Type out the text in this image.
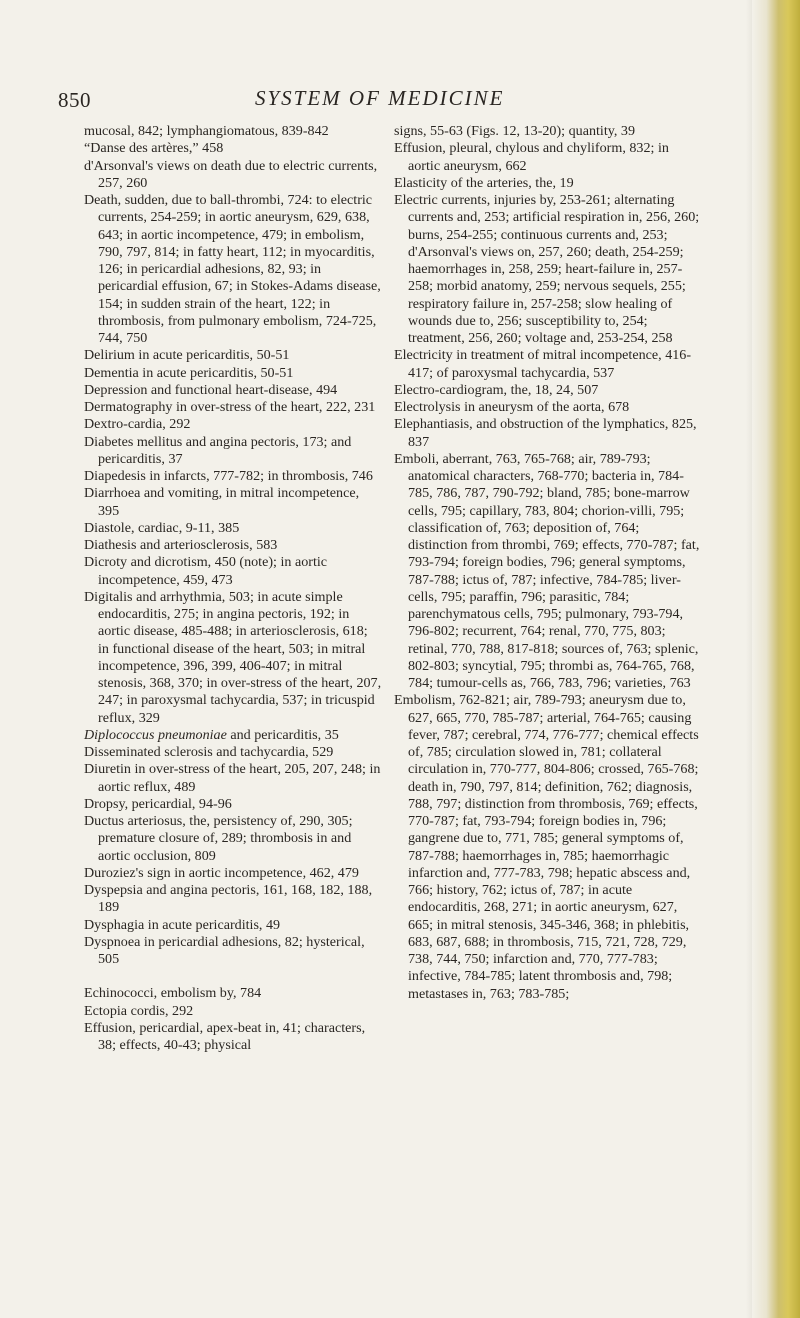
850	SYSTEM OF MEDICINE

mucosal, 842; lymphangiomatous, 839-842

“Danse des artères,” 458

d'Arsonval's views on death due to electric currents, 257, 260

Death, sudden, due to ball-thrombi, 724: to electric currents, 254-259; in aortic aneurysm, 629, 638, 643; in aortic incompetence, 479; in embolism, 790, 797, 814; in fatty heart, 112; in myocarditis, 126; in pericardial adhesions, 82, 93; in pericardial effusion, 67; in Stokes-Adams disease, 154; in sudden strain of the heart, 122; in thrombosis, from pulmonary embolism, 724-725, 744, 750

Delirium in acute pericarditis, 50-51

Dementia in acute pericarditis, 50-51

Depression and functional heart-disease, 494

Dermatography in over-stress of the heart, 222, 231

Dextro-cardia, 292

Diabetes mellitus and angina pectoris, 173; and pericarditis, 37

Diapedesis in infarcts, 777-782; in thrombosis, 746

Diarrhoea and vomiting, in mitral incompetence, 395

Diastole, cardiac, 9-11, 385

Diathesis and arteriosclerosis, 583

Dicroty and dicrotism, 450 (note); in aortic incompetence, 459, 473

Digitalis and arrhythmia, 503; in acute simple endocarditis, 275; in angina pectoris, 192; in aortic disease, 485-488; in arteriosclerosis, 618; in functional disease of the heart, 503; in mitral incompetence, 396, 399, 406-407; in mitral stenosis, 368, 370; in over-stress of the heart, 207, 247; in paroxysmal tachycardia, 537; in tricuspid reflux, 329

Diplococcus pneumoniae and pericarditis, 35

Disseminated sclerosis and tachycardia, 529

Diuretin in over-stress of the heart, 205, 207, 248; in aortic reflux, 489

Dropsy, pericardial, 94-96

Ductus arteriosus, the, persistency of, 290, 305; premature closure of, 289; thrombosis in and aortic occlusion, 809

Duroziez's sign in aortic incompetence, 462, 479

Dyspepsia and angina pectoris, 161, 168, 182, 188, 189

Dysphagia in acute pericarditis, 49

Dyspnoea in pericardial adhesions, 82; hysterical, 505

Echinococci, embolism by, 784

Ectopia cordis, 292

Effusion, pericardial, apex-beat in, 41; characters, 38; effects, 40-43; physical

signs, 55-63 (Figs. 12, 13-20); quantity, 39

Effusion, pleural, chylous and chyliform, 832; in aortic aneurysm, 662

Elasticity of the arteries, the, 19

Electric currents, injuries by, 253-261; alternating currents and, 253; artificial respiration in, 256, 260; burns, 254-255; continuous currents and, 253; d'Arsonval's views on, 257, 260; death, 254-259; haemorrhages in, 258, 259; heart-failure in, 257-258; morbid anatomy, 259; nervous sequels, 255; respiratory failure in, 257-258; slow healing of wounds due to, 256; susceptibility to, 254; treatment, 256, 260; voltage and, 253-254, 258

Electricity in treatment of mitral incompetence, 416-417; of paroxysmal tachycardia, 537

Electro-cardiogram, the, 18, 24, 507

Electrolysis in aneurysm of the aorta, 678

Elephantiasis, and obstruction of the lymphatics, 825, 837

Emboli, aberrant, 763, 765-768; air, 789-793; anatomical characters, 768-770; bacteria in, 784-785, 786, 787, 790-792; bland, 785; bone-marrow cells, 795; capillary, 783, 804; chorion-villi, 795; classification of, 763; deposition of, 764; distinction from thrombi, 769; effects, 770-787; fat, 793-794; foreign bodies, 796; general symptoms, 787-788; ictus of, 787; infective, 784-785; liver-cells, 795; paraffin, 796; parasitic, 784; parenchymatous cells, 795; pulmonary, 793-794, 796-802; recurrent, 764; renal, 770, 775, 803; retinal, 770, 788, 817-818; sources of, 763; splenic, 802-803; syncytial, 795; thrombi as, 764-765, 768, 784; tumour-cells as, 766, 783, 796; varieties, 763

Embolism, 762-821; air, 789-793; aneurysm due to, 627, 665, 770, 785-787; arterial, 764-765; causing fever, 787; cerebral, 774, 776-777; chemical effects of, 785; circulation slowed in, 781; collateral circulation in, 770-777, 804-806; crossed, 765-768; death in, 790, 797, 814; definition, 762; diagnosis, 788, 797; distinction from thrombosis, 769; effects, 770-787; fat, 793-794; foreign bodies in, 796; gangrene due to, 771, 785; general symptoms of, 787-788; haemorrhages in, 785; haemorrhagic infarction and, 777-783, 798; hepatic abscess and, 766; history, 762; ictus of, 787; in acute endocarditis, 268, 271; in aortic aneurysm, 627, 665; in mitral stenosis, 345-346, 368; in phlebitis, 683, 687, 688; in thrombosis, 715, 721, 728, 729, 738, 744, 750; infarction and, 770, 777-783; infective, 784-785; latent thrombosis and, 798; metastases in, 763; 783-785;
